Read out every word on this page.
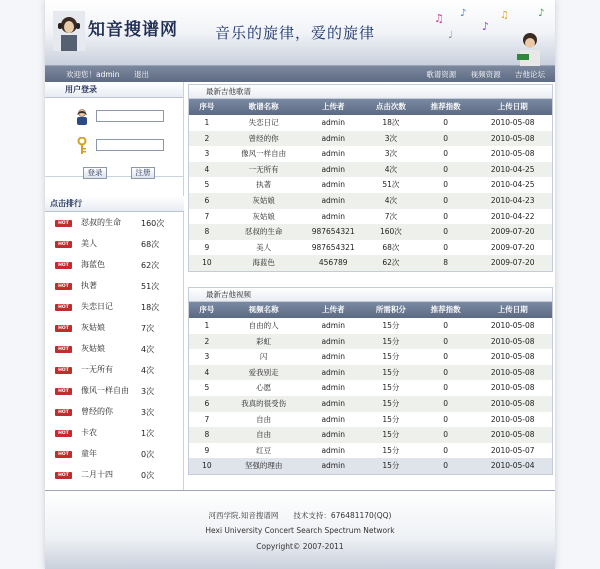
知音搜谱网 音乐的旋律，爱的旋律
♫ ♪
♩
♪
♫	♪
欢迎您！admin 退出	歌谱资源 视频资源 吉他论坛
用户登录
登录	注册
点击排行
HOT	怼叔的生命	160次
HOT	美人	68次
HOT	海蓝色	62次
HOT	执著	51次
HOT	失恋日记	18次
HOT	灰姑娘	7次
HOT	灰姑娘	4次
HOT	一无所有	4次
HOT	像风一样自由	3次
HOT	曾经的你	3次
HOT	卡农	1次
HOT	童年	0次
HOT	二月十四	0次
最新吉他歌谱
序号	歌谱名称	上传者	点击次数	推荐指数	上传日期
1	失恋日记	admin	18次	0	2010-05-08
2	曾经的你	admin	3次	0	2010-05-08
3	像风一样自由	admin	3次	0	2010-05-08
4	一无所有	admin	4次	0	2010-04-25
5	执著	admin	51次	0	2010-04-25
6	灰姑娘	admin	4次	0	2010-04-23
7	灰姑娘	admin	7次	0	2010-04-22
8	怼叔的生命	987654321	160次	0	2009-07-20
9	美人	987654321	68次	0	2009-07-20
10	海蓝色	456789	62次	8	2009-07-20
最新吉他视频
序号	视频名称	上传者	所需积分	推荐指数	上传日期
1	自由的人	admin	15分	0	2010-05-08
2	彩虹	admin	15分	0	2010-05-08
3	闪	admin	15分	0	2010-05-08
4	爱我别走	admin	15分	0	2010-05-08
5	心愿	admin	15分	0	2010-05-08
6	我真的很受伤	admin	15分	0	2010-05-08
7	自由	admin	15分	0	2010-05-08
8	自由	admin	15分	0	2010-05-08
9	红豆	admin	15分	0	2010-05-07
10	坚强的理由	admin	15分	0	2010-05-04
河西学院.知音搜谱网　　技术支持：676481170(QQ)
Hexi University Concert Search Spectrum Network
Copyright© 2007-2011
